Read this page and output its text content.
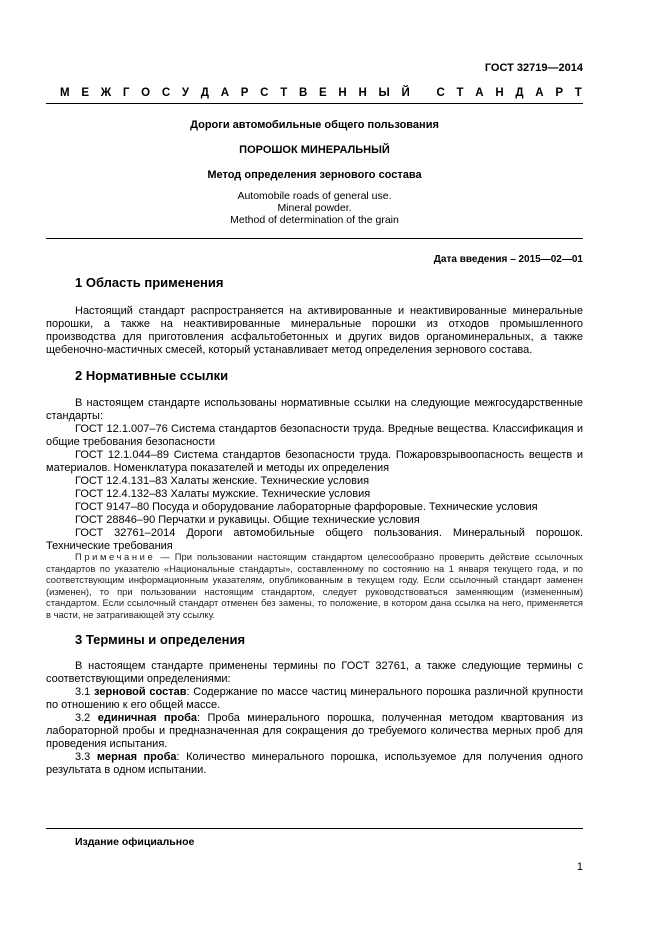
ГОСТ 32719—2014
М Е Ж Г О С У Д А Р С Т В Е Н Н Ы Й
С Т А Н Д А Р Т
Дороги автомобильные общего пользования
ПОРОШОК МИНЕРАЛЬНЫЙ
Метод определения зернового состава
Automobile roads of general use.
Mineral powder.
Method of determination of the grain
Дата введения – 2015—02—01
1 Область применения

Настоящий стандарт распространяется на активированные и неактивированные минеральные порошки, а также на неактивированные минеральные порошки из отходов промышленного производства для приготовления асфальтобетонных и других видов органоминеральных, а также щебеночно-мастичных смесей, который устанавливает метод определения зернового состава.

2 Нормативные ссылки

В настоящем стандарте использованы нормативные ссылки на следующие межгосударственные стандарты:

ГОСТ 12.1.007–76 Система стандартов безопасности труда. Вредные вещества. Классификация и общие требования безопасности

ГОСТ 12.1.044–89 Система стандартов безопасности труда. Пожаровзрывоопасность веществ и материалов. Номенклатура показателей и методы их определения

ГОСТ 12.4.131–83 Халаты женские. Технические условия

ГОСТ 12.4.132–83 Халаты мужские. Технические условия

ГОСТ 9147–80 Посуда и оборудование лабораторные фарфоровые. Технические условия

ГОСТ 28846–90 Перчатки и рукавицы. Общие технические условия

ГОСТ 32761–2014 Дороги автомобильные общего пользования. Минеральный порошок. Технические требования

Примечание — При пользовании настоящим стандартом целесообразно проверить действие ссылочных стандартов по указателю «Национальные стандарты», составленному по состоянию на 1 января текущего года, и по соответствующим информационным указателям, опубликованным в текущем году. Если ссылочный стандарт заменен (изменен), то при пользовании настоящим стандартом, следует руководствоваться заменяющим (измененным) стандартом. Если ссылочный стандарт отменен без замены, то положение, в котором дана ссылка на него, применяется в части, не затрагивающей эту ссылку.

3 Термины и определения

В настоящем стандарте применены термины по ГОСТ 32761, а также следующие термины с соответствующими определениями:

3.1 зерновой состав: Содержание по массе частиц минерального порошка различной крупности по отношению к его общей массе.

3.2 единичная проба: Проба минерального порошка, полученная методом квартования из лабораторной пробы и предназначенная для сокращения до требуемого количества мерных проб для проведения испытания.

3.3 мерная проба: Количество минерального порошка, используемое для получения одного результата в одном испытании.

Издание официальное
1
